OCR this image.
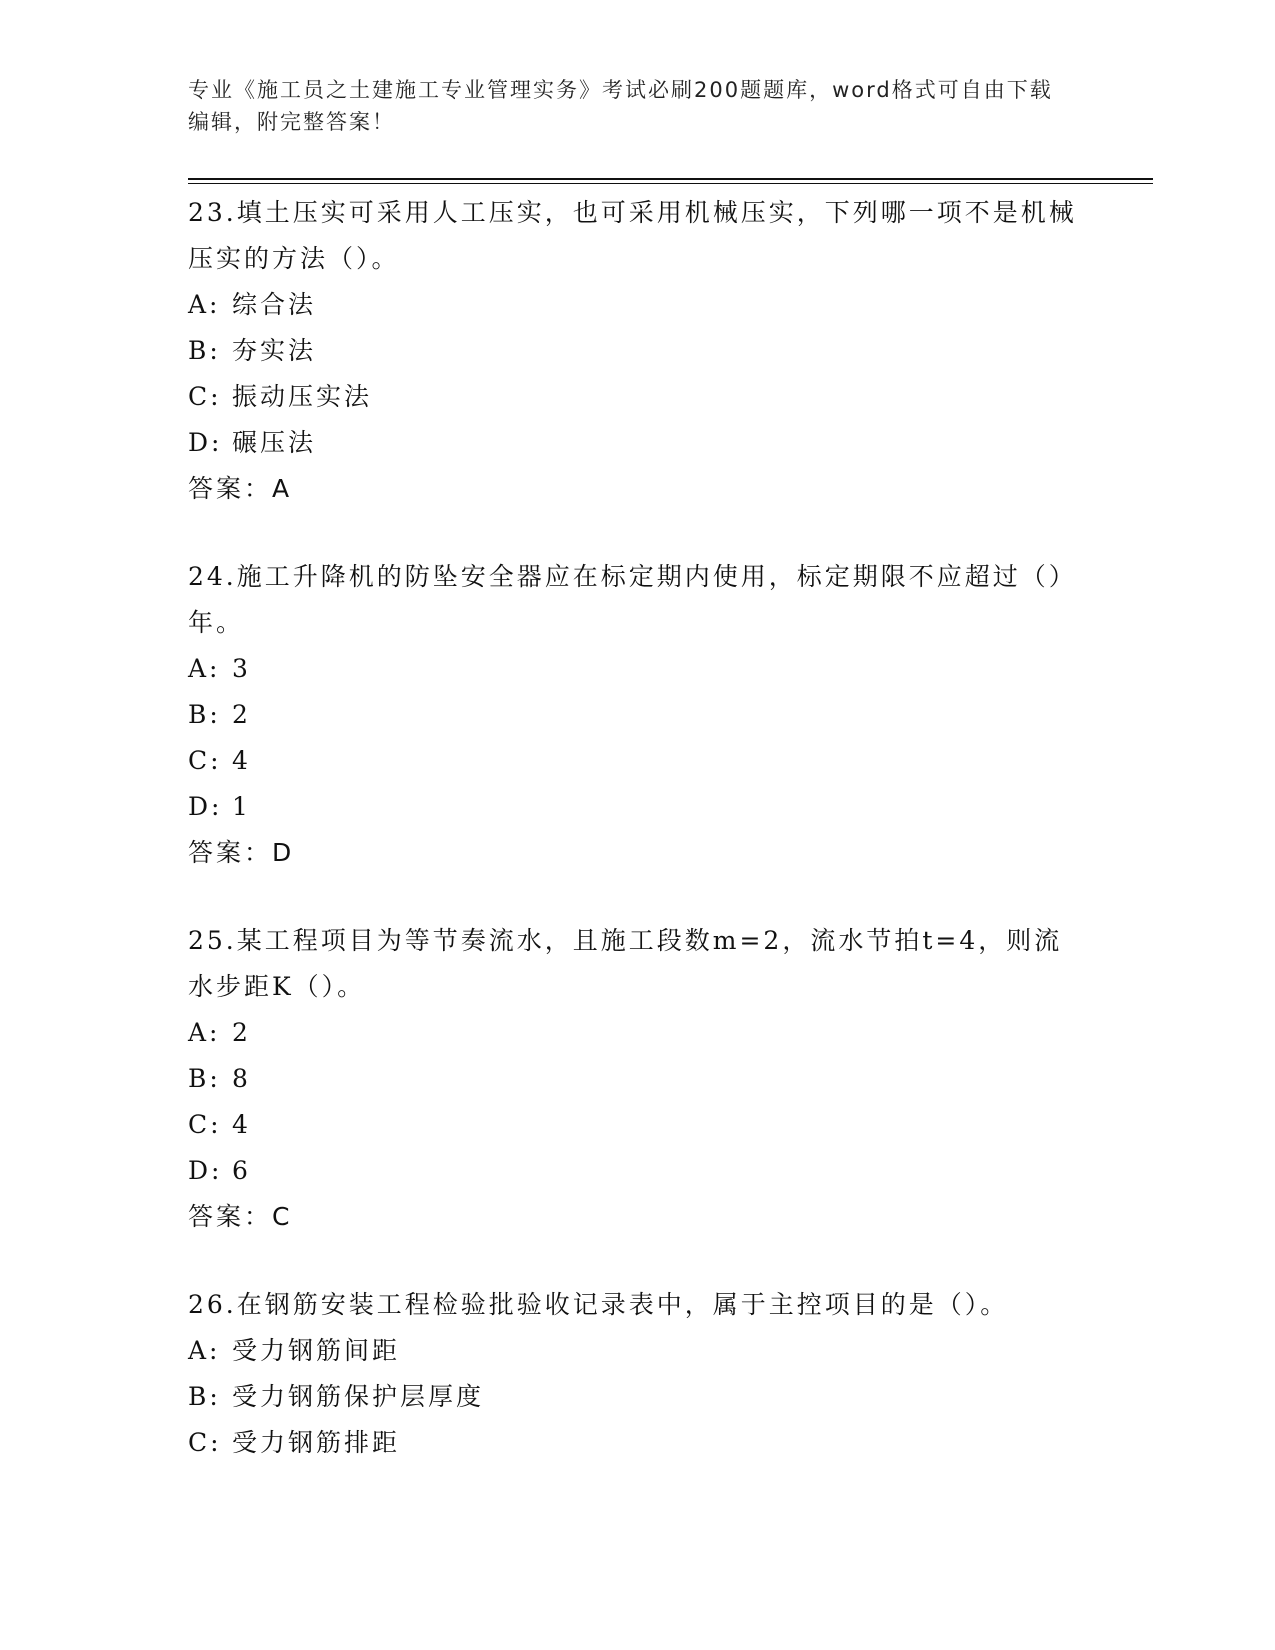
专业《施工员之土建施工专业管理实务》考试必刷200题题库，word格式可自由下载编辑，附完整答案！

23.填土压实可采用人工压实，也可采用机械压实，下列哪一项不是机械压实的方法（）。

A: 综合法

B: 夯实法

C: 振动压实法

D: 碾压法

答案：A

24.施工升降机的防坠安全器应在标定期内使用，标定期限不应超过（）年。

A: 3

B: 2

C: 4

D: 1

答案：D

25.某工程项目为等节奏流水，且施工段数m=2，流水节拍t=4，则流水步距K（）。

A: 2

B: 8

C: 4

D: 6

答案：C

26.在钢筋安装工程检验批验收记录表中，属于主控项目的是（）。

A: 受力钢筋间距

B: 受力钢筋保护层厚度

C: 受力钢筋排距
